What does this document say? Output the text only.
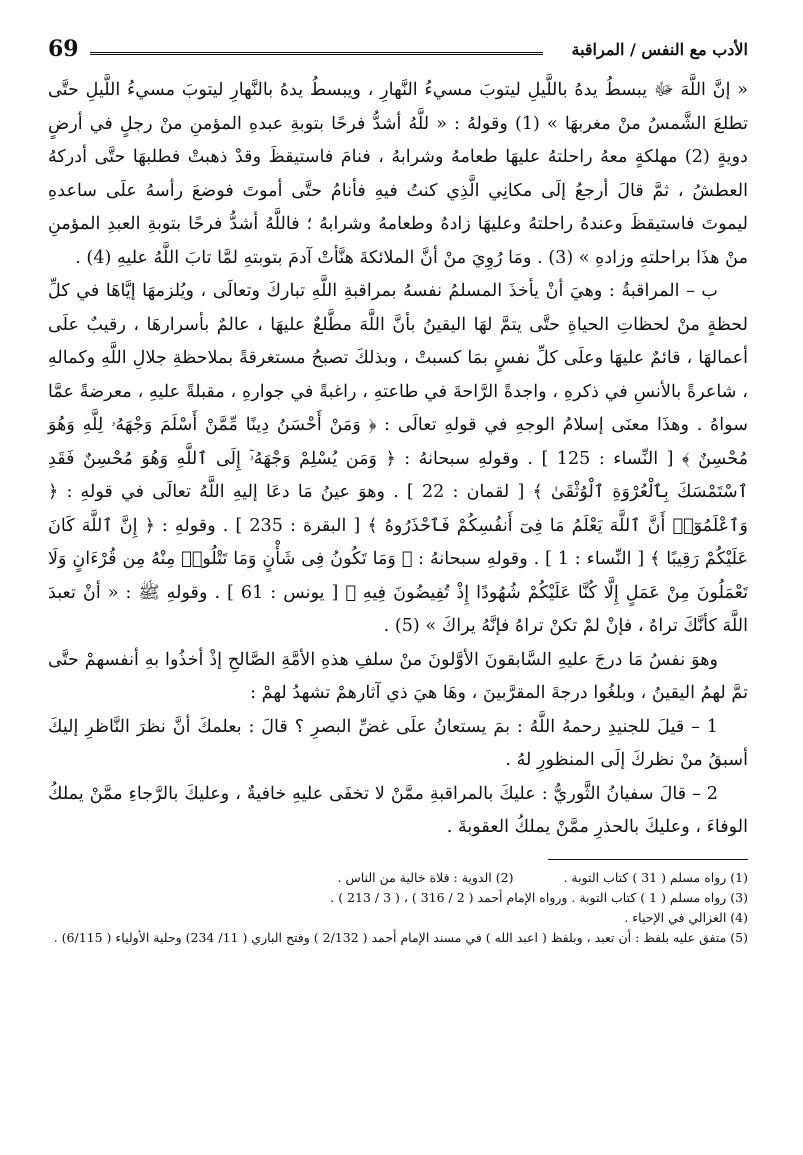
الأدب مع النفس / المراقبة
69

« إنَّ اللَّهَ ﷻ يبسطُ يدهُ باللَّيلِ ليتوبَ مسيءُ النَّهارِ ، ويبسطُ يدهُ بالنَّهارِ ليتوبَ مسيءُ اللَّيلِ حتَّى تطلعَ الشَّمسُ منْ مغربهَا » (1) وقولهُ : « للَّهُ أشدُّ فرحًا بتوبةِ عبدهِ المؤمنِ منْ رجلٍ في أرضٍ دويةٍ (2) مهلكةٍ معهُ راحلتهُ عليهَا طعامهُ وشرابهُ ، فنامَ فاستيقظَ وقدْ ذهبتْ فطلبهَا حتَّى أدركهُ العطشُ ، ثمَّ قالَ أرجعُ إلَى مكانِي الَّذِي كنتُ فيهِ فأنامُ حتَّى أموتَ فوضعَ رأسهُ علَى ساعدهِ ليموتَ فاستيقظَ وعندهُ راحلتهُ وعليهَا زادهُ وطعامهُ وشرابهُ ؛ فاللَّهُ أشدُّ فرحًا بتوبةِ العبدِ المؤمنِ منْ هذَا براحلتهِ وزادهِ » (3) . ومَا رُوِيَ منْ أنَّ الملائكةَ هنَّأتْ آدمَ بتوبتهِ لمَّا تابَ اللَّهُ عليهِ (4) .

ب – المراقبةُ : وهيَ أنْ يأخذَ المسلمُ نفسهُ بمراقبةِ اللَّهِ تباركَ وتعالَى ، ويُلزمهَا إيَّاهَا في كلِّ لحظةٍ منْ لحظاتِ الحياةِ حتَّى يتمَّ لهَا اليقينُ بأنَّ اللَّهَ مطَّلعٌ عليهَا ، عالمٌ بأسرارهَا ، رقيبٌ علَى أعمالهَا ، قائمٌ عليهَا وعلَى كلِّ نفسٍ بمَا كسبتْ ، وبذلكَ تصبحُ مستغرقةً بملاحظةِ جلالِ اللَّهِ وكمالهِ ، شاعرةً بالأنسِ في ذكرهِ ، واجدةً الرَّاحةَ في طاعتهِ ، راغبةً في جوارهِ ، مقبلةً عليهِ ، معرضةً عمَّا سواهُ . وهذَا معنَى إسلامُ الوجهِ في قولهِ تعالَى : ﴿ وَمَنْ أَحْسَنُ دِينًا مِّمَّنْ أَسْلَمَ وَجْهَهُۥ لِلَّهِ وَهُوَ مُحْسِنٌ ﴾ [ النِّساء : 125 ] . وقولهِ سبحانهُ : ﴿ وَمَن يُسْلِمْ وَجْهَهُۥٓ إِلَى ٱللَّهِ وَهُوَ مُحْسِنٌ فَقَدِ ٱسْتَمْسَكَ بِٱلْعُرْوَةِ ٱلْوُثْقَىٰ ﴾ [ لقمان : 22 ] . وهوَ عينُ مَا دعَا إليهِ اللَّهُ تعالَى في قولهِ : ﴿ وَٱعْلَمُوٓا۟ أَنَّ ٱللَّهَ يَعْلَمُ مَا فِىٓ أَنفُسِكُمْ فَٱحْذَرُوهُ ﴾ [ البقرة : 235 ] . وقولهِ : ﴿ إِنَّ ٱللَّهَ كَانَ عَلَيْكُمْ رَقِيبًا ﴾ [ النِّساء : 1 ] . وقولهِ سبحانهُ : ﴿ وَمَا تَكُونُ فِى شَأْنٍ وَمَا تَتْلُوا۟ مِنْهُ مِن قُرْءَانٍ وَلَا تَعْمَلُونَ مِنْ عَمَلٍ إِلَّا كُنَّا عَلَيْكُمْ شُهُودًا إِذْ تُفِيضُونَ فِيهِ ﴾ [ يونس : 61 ] . وقولهِ ﷺ : « أنْ تعبدَ اللَّهَ كأنَّكَ تراهُ ، فإنْ لمْ تكنْ تراهُ فإنَّهُ يراكَ » (5) .

وهوَ نفسُ مَا درجَ عليهِ السَّابقونَ الأوَّلونَ منْ سلفِ هذهِ الأمَّةِ الصَّالحِ إذْ أخذُوا بهِ أنفسهمْ حتَّى تمَّ لهمُ اليقينُ ، وبلغُوا درجةَ المقرَّبينَ ، وهَا هيَ ذي آثارهمْ تشهدُ لهمْ :

1 – قيلَ للجنيدِ رحمهُ اللَّهُ : بمَ يستعانُ علَى غضِّ البصرِ ؟ قالَ : بعلمكَ أنَّ نظرَ النَّاظرِ إليكَ أسبقُ منْ نظركَ إلَى المنظورِ لهُ .

2 – قالَ سفيانُ الثَّوريُّ : عليكَ بالمراقبةِ ممَّنْ لا تخفَى عليهِ خافيةٌ ، وعليكَ بالرَّجاءِ ممَّنْ يملكُ الوفاءَ ، وعليكَ بالحذرِ ممَّنْ يملكُ العقوبةَ .

(1) رواه مسلم ( 31 ) كتاب التوبة .(2) الدوية : فلاة خالية من الناس .

(3) رواه مسلم ( 1 ) كتاب التوبة . ورواه الإمام أحمد ( 2 / 316 ) ، ( 3 / 213 ) .

(4) الغزالي في الإحياء .

(5) متفق عليه بلفظ : أن تعبد ، وبلفظ ( اعبد الله ) في مسند الإمام أحمد ( 2/132 ) وفتح الباري ( 11/ 234) وحلية الأولياء ( 6/115) .
